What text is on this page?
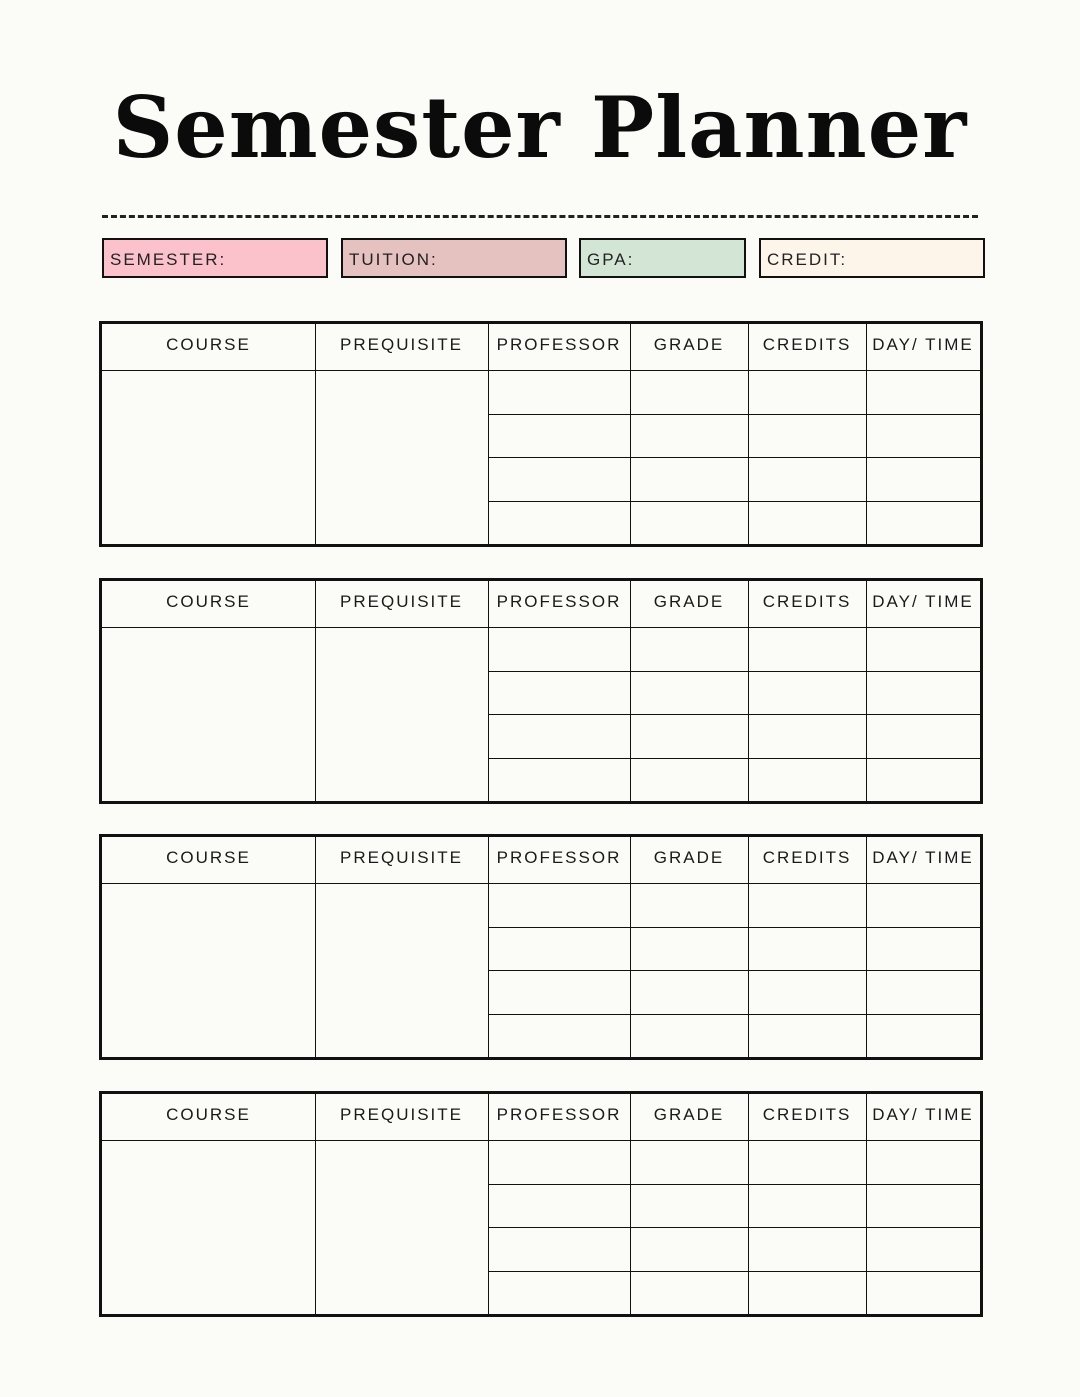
Semester Planner
SEMESTER:	TUITION:	GPA:	CREDIT:
COURSE	PREQUISITE	PROFESSOR	GRADE	CREDITS	DAY/ TIME
COURSE	PREQUISITE	PROFESSOR	GRADE	CREDITS	DAY/ TIME
COURSE	PREQUISITE	PROFESSOR	GRADE	CREDITS	DAY/ TIME
COURSE	PREQUISITE	PROFESSOR	GRADE	CREDITS	DAY/ TIME
